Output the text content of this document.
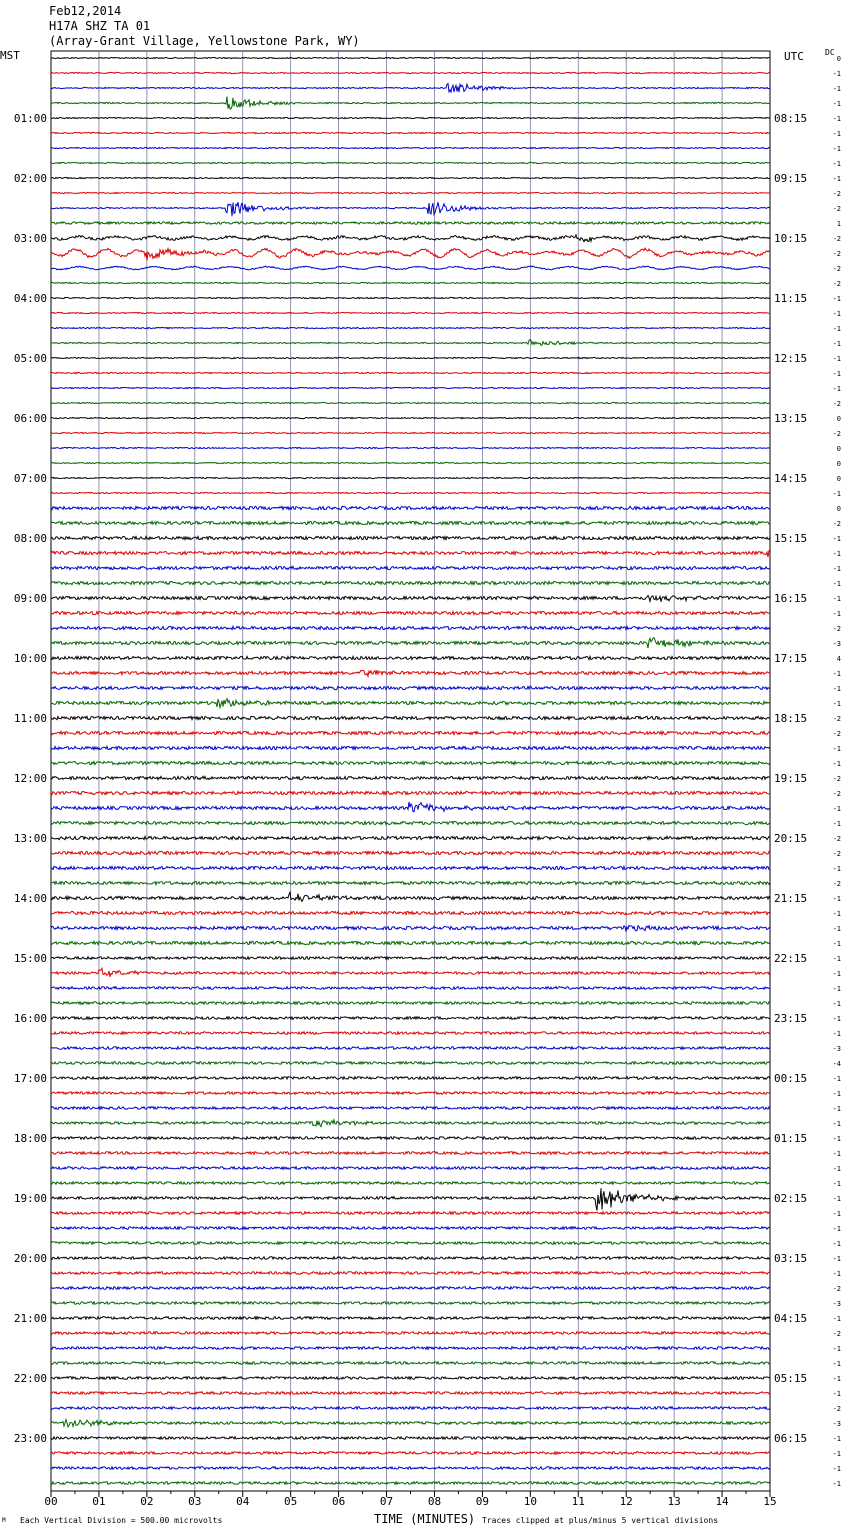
00	01	02	03	04	05	06	07	08	09	10	11	12	13	14	15
0
-1
-1
-1
-1
-1
-1
-1
-1
-2
-2
1
-2
-2
-2
-2
-1
-1
-1
-1
-1
-1
-1
-2
0
-2
0
0
0
-1
0
-2
-1
-1
-1
-1
-1
-1
-2
-3
4
-1
-1
-1
-2
-2
-1
-1
-2
-2
-1
-1
-2
-2
-1
-2
-1
-1
-1
-1
-1
-1
-1
-1
-1
-1
-3
-4
-1
-1
-1
-1
-1
-1
-1
-1
-1
-1
-1
-1
-1
-1
-2
-3
-1
-2
-1
-1
-1
-1
-2
-3
-1
-1
-1
-1
01:00	08:15
02:00	09:15
03:00	10:15
04:00	11:15
05:00	12:15
06:00	13:15
07:00	14:15
08:00	15:15
09:00	16:15
10:00	17:15
11:00	18:15
12:00	19:15
13:00	20:15
14:00	21:15
15:00	22:15
16:00	23:15
17:00	00:15
18:00	01:15
19:00	02:15
20:00	03:15
21:00	04:15
22:00	05:15
23:00	06:15
Feb12,2014
H17A SHZ TA 01
(Array-Grant Village, Yellowstone Park, WY)
MST	UTC	DC
M Each Vertical Division = 500.00 microvolts	TIME (MINUTES) Traces clipped at plus/minus 5 vertical divisions
